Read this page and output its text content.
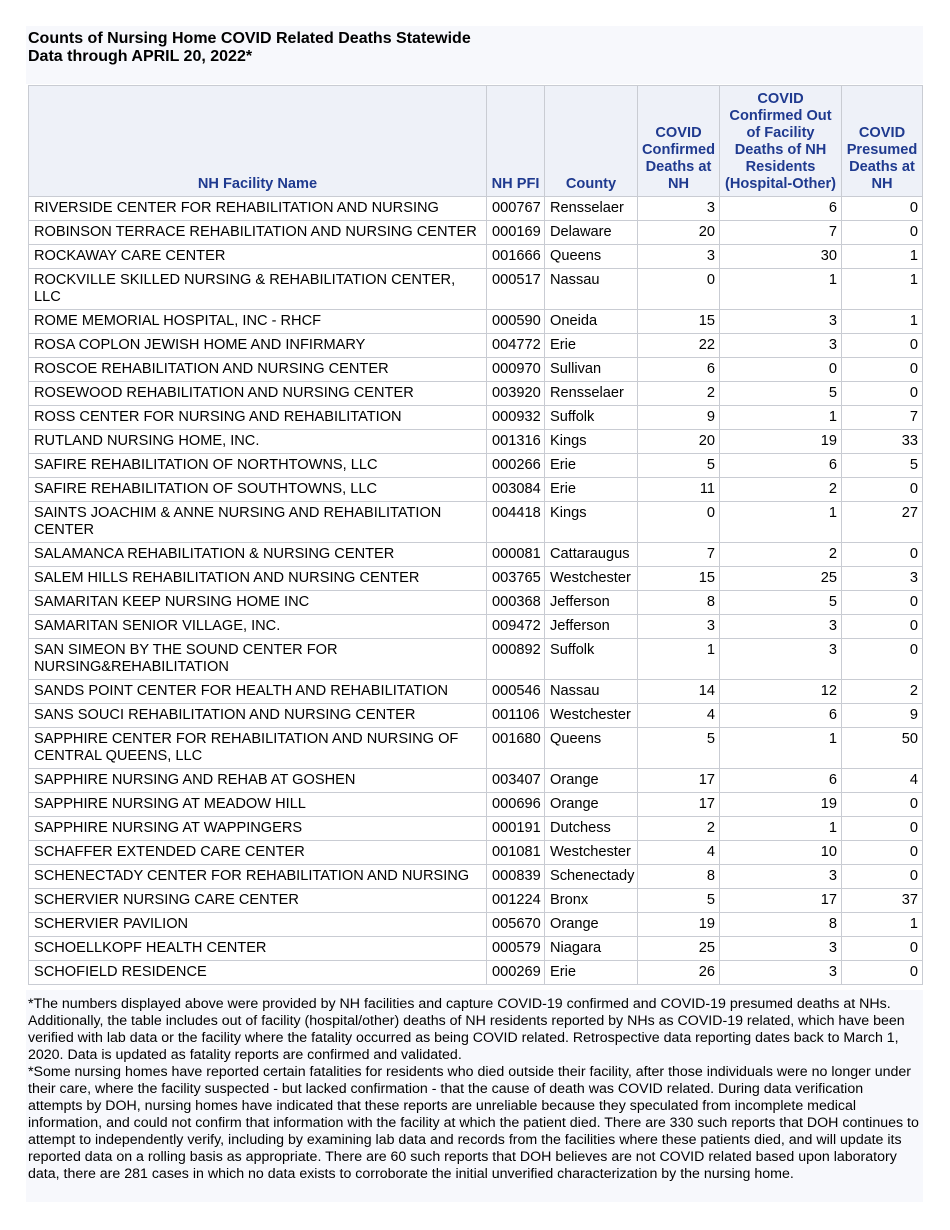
Counts of Nursing Home COVID Related Deaths Statewide
Data through APRIL 20, 2022*
NH Facility Name	NH PFI	County	COVID Confirmed Deaths at NH	COVID Confirmed Out of Facility Deaths of NH Residents (Hospital-Other)	COVID Presumed Deaths at NH
RIVERSIDE CENTER FOR REHABILITATION AND NURSING	000767	Rensselaer	3	6	0
ROBINSON TERRACE REHABILITATION AND NURSING CENTER	000169	Delaware	20	7	0
ROCKAWAY CARE CENTER	001666	Queens	3	30	1
ROCKVILLE SKILLED NURSING & REHABILITATION CENTER, LLC	000517	Nassau	0	1	1
ROME MEMORIAL HOSPITAL, INC - RHCF	000590	Oneida	15	3	1
ROSA COPLON JEWISH HOME AND INFIRMARY	004772	Erie	22	3	0
ROSCOE REHABILITATION AND NURSING CENTER	000970	Sullivan	6	0	0
ROSEWOOD REHABILITATION AND NURSING CENTER	003920	Rensselaer	2	5	0
ROSS CENTER FOR NURSING AND REHABILITATION	000932	Suffolk	9	1	7
RUTLAND NURSING HOME, INC.	001316	Kings	20	19	33
SAFIRE REHABILITATION OF NORTHTOWNS, LLC	000266	Erie	5	6	5
SAFIRE REHABILITATION OF SOUTHTOWNS, LLC	003084	Erie	11	2	0
SAINTS JOACHIM & ANNE NURSING AND REHABILITATION CENTER	004418	Kings	0	1	27
SALAMANCA REHABILITATION & NURSING CENTER	000081	Cattaraugus	7	2	0
SALEM HILLS REHABILITATION AND NURSING CENTER	003765	Westchester	15	25	3
SAMARITAN KEEP NURSING HOME INC	000368	Jefferson	8	5	0
SAMARITAN SENIOR VILLAGE, INC.	009472	Jefferson	3	3	0
SAN SIMEON BY THE SOUND CENTER FOR NURSING&REHABILITATION	000892	Suffolk	1	3	0
SANDS POINT CENTER FOR HEALTH AND REHABILITATION	000546	Nassau	14	12	2
SANS SOUCI REHABILITATION AND NURSING CENTER	001106	Westchester	4	6	9
SAPPHIRE CENTER FOR REHABILITATION AND NURSING OF CENTRAL QUEENS, LLC	001680	Queens	5	1	50
SAPPHIRE NURSING AND REHAB AT GOSHEN	003407	Orange	17	6	4
SAPPHIRE NURSING AT MEADOW HILL	000696	Orange	17	19	0
SAPPHIRE NURSING AT WAPPINGERS	000191	Dutchess	2	1	0
SCHAFFER EXTENDED CARE CENTER	001081	Westchester	4	10	0
SCHENECTADY CENTER FOR REHABILITATION AND NURSING	000839	Schenectady	8	3	0
SCHERVIER NURSING CARE CENTER	001224	Bronx	5	17	37
SCHERVIER PAVILION	005670	Orange	19	8	1
SCHOELLKOPF HEALTH CENTER	000579	Niagara	25	3	0
SCHOFIELD RESIDENCE	000269	Erie	26	3	0
*The numbers displayed above were provided by NH facilities and capture COVID-19 confirmed and COVID-19 presumed deaths at NHs. Additionally, the table includes out of facility (hospital/other) deaths of NH residents reported by NHs as COVID-19 related, which have been verified with lab data or the facility where the fatality occurred as being COVID related. Retrospective data reporting dates back to March 1, 2020. Data is updated as fatality reports are confirmed and validated.
*Some nursing homes have reported certain fatalities for residents who died outside their facility, after those individuals were no longer under their care, where the facility suspected - but lacked confirmation - that the cause of death was COVID related. During data verification attempts by DOH, nursing homes have indicated that these reports are unreliable because they speculated from incomplete medical information, and could not confirm that information with the facility at which the patient died. There are 330 such reports that DOH continues to attempt to independently verify, including by examining lab data and records from the facilities where these patients died, and will update its reported data on a rolling basis as appropriate. There are 60 such reports that DOH believes are not COVID related based upon laboratory data, there are 281 cases in which no data exists to corroborate the initial unverified characterization by the nursing home.
